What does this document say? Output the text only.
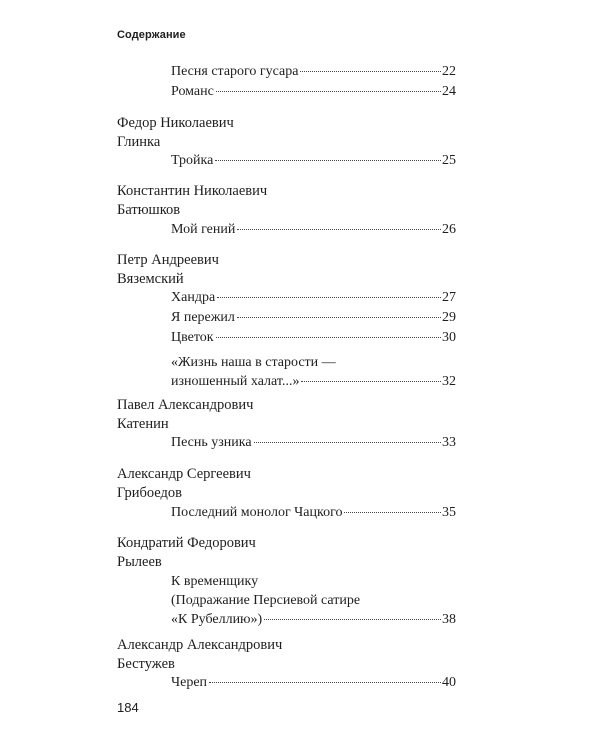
Содержание
Песня старого гусара	22
Романс	24
Федор Николаевич
Глинка
Тройка	25
Константин Николаевич
Батюшков
Мой гений	26
Петр Андреевич
Вяземский
Хандра	27
Я пережил	29
Цветок	30
«Жизнь наша в старости —
изношенный халат...»	32
Павел Александрович
Катенин
Песнь узника	33
Александр Сергеевич
Грибоедов
Последний монолог Чацкого	35
Кондратий Федорович
Рылеев
К временщику
(Подражание Персиевой сатире
«К Рубеллию»)	38
Александр Александрович
Бестужев
Череп	40
184
